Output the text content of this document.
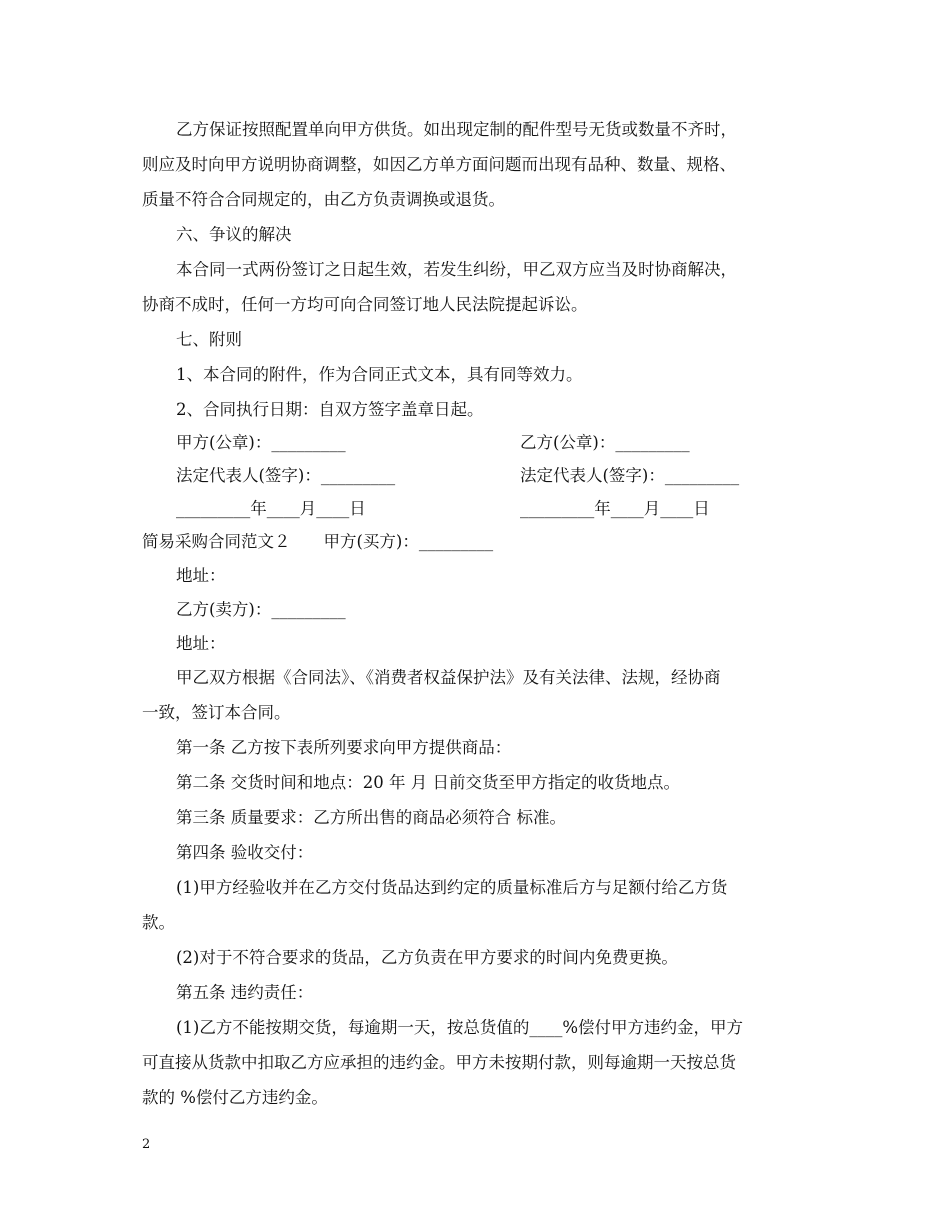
乙方保证按照配置单向甲方供货。如出现定制的配件型号无货或数量不齐时，
则应及时向甲方说明协商调整，如因乙方单方面问题而出现有品种、数量、规格、
质量不符合合同规定的，由乙方负责调换或退货。
六、争议的解决
本合同一式两份签订之日起生效，若发生纠纷，甲乙双方应当及时协商解决，
协商不成时，任何一方均可向合同签订地人民法院提起诉讼。
七、附则
1、本合同的附件，作为合同正式文本，具有同等效力。
2、合同执行日期：自双方签字盖章日起。
甲方(公章)：_________	乙方(公章)：_________
法定代表人(签字)：_________	法定代表人(签字)：_________
_________年____月____日	_________年____月____日
简易采购合同范文２　　甲方(买方)：_________
地址：
乙方(卖方)：_________
地址：
甲乙双方根据《合同法》、《消费者权益保护法》及有关法律、法规，经协商
一致，签订本合同。
第一条 乙方按下表所列要求向甲方提供商品：
第二条 交货时间和地点：20 年 月 日前交货至甲方指定的收货地点。
第三条 质量要求：乙方所出售的商品必须符合 标准。
第四条 验收交付：
(1)甲方经验收并在乙方交付货品达到约定的质量标准后方与足额付给乙方货
款。
(2)对于不符合要求的货品，乙方负责在甲方要求的时间内免费更换。
第五条 违约责任：
(1)乙方不能按期交货，每逾期一天，按总货值的____%偿付甲方违约金，甲方
可直接从货款中扣取乙方应承担的违约金。甲方未按期付款，则每逾期一天按总货
款的 %偿付乙方违约金。
2
